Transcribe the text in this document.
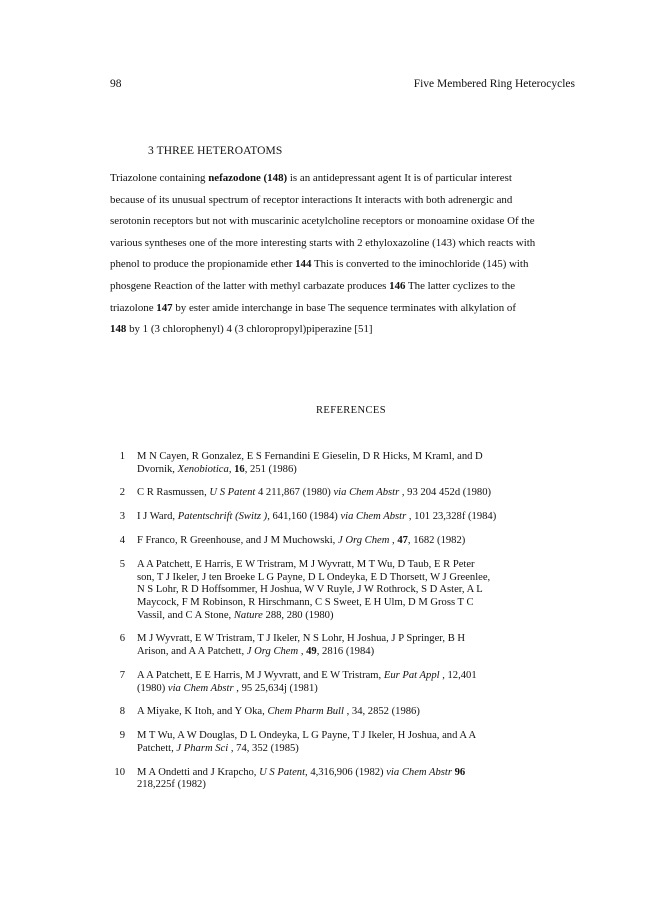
98	Five Membered Ring Heterocycles
3 THREE HETEROATOMS
Triazolone containing nefazodone (148) is an antidepressant agent It is of particular interest
because of its unusual spectrum of receptor interactions It interacts with both adrenergic and
serotonin receptors but not with muscarinic acetylcholine receptors or monoamine oxidase Of the
various syntheses one of the more interesting starts with 2 ethyloxazoline (143) which reacts with
phenol to produce the propionamide ether 144 This is converted to the iminochloride (145) with
phosgene Reaction of the latter with methyl carbazate produces 146 The latter cyclizes to the
triazolone 147 by ester amide interchange in base The sequence terminates with alkylation of
148 by 1 (3 chlorophenyl) 4 (3 chloropropyl)piperazine [51]
REFERENCES
1 M N Cayen, R Gonzalez, E S Fernandini E Gieselin, D R Hicks, M Kraml, and D
Dvornik, Xenobiotica, 16, 251 (1986)
2 C R Rasmussen, U S Patent 4 211,867 (1980) via Chem Abstr , 93 204 452d (1980)
3 I J Ward, Patentschrift (Switz ), 641,160 (1984) via Chem Abstr , 101 23,328f (1984)
4 F Franco, R Greenhouse, and J M Muchowski, J Org Chem , 47, 1682 (1982)
5 A A Patchett, E Harris, E W Tristram, M J Wyvratt, M T Wu, D Taub, E R Peter
son, T J Ikeler, J ten Broeke L G Payne, D L Ondeyka, E D Thorsett, W J Greenlee,
N S Lohr, R D Hoffsommer, H Joshua, W V Ruyle, J W Rothrock, S D Aster, A L
Maycock, F M Robinson, R Hirschmann, C S Sweet, E H Ulm, D M Gross T C
Vassil, and C A Stone, Nature 288, 280 (1980)
6 M J Wyvratt, E W Tristram, T J Ikeler, N S Lohr, H Joshua, J P Springer, B H
Arison, and A A Patchett, J Org Chem , 49, 2816 (1984)
7 A A Patchett, E E Harris, M J Wyvratt, and E W Tristram, Eur Pat Appl , 12,401
(1980) via Chem Abstr , 95 25,634j (1981)
8 A Miyake, K Itoh, and Y Oka, Chem Pharm Bull , 34, 2852 (1986)
9 M T Wu, A W Douglas, D L Ondeyka, L G Payne, T J Ikeler, H Joshua, and A A
Patchett, J Pharm Sci , 74, 352 (1985)
10 M A Ondetti and J Krapcho, U S Patent, 4,316,906 (1982) via Chem Abstr 96
218,225f (1982)
